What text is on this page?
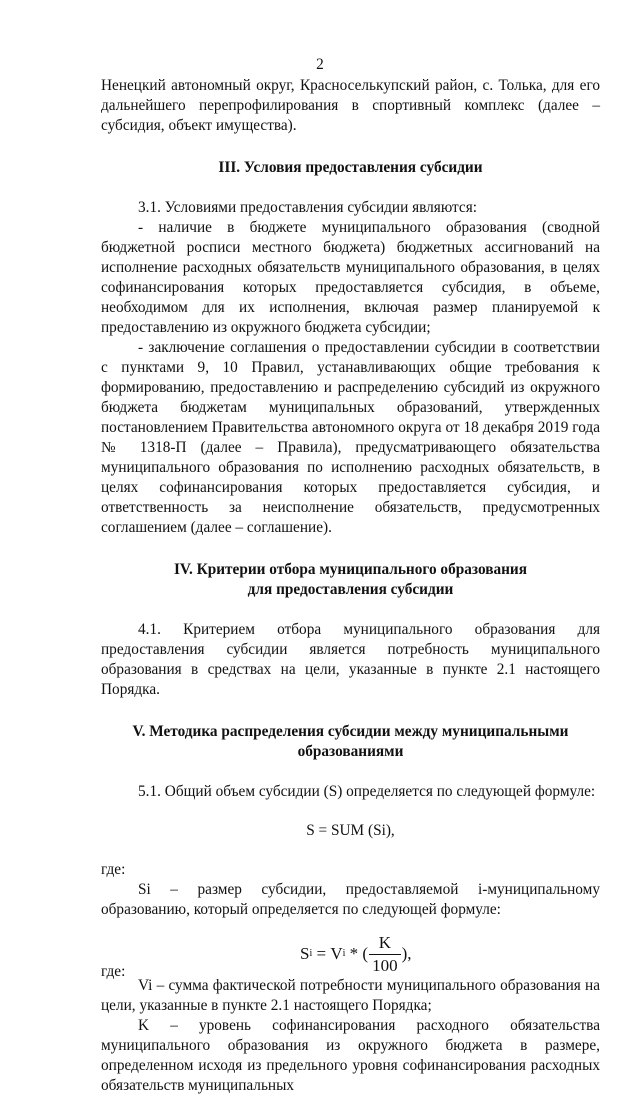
2

Ненецкий автономный округ, Красноселькупский район, с. Толька, для его дальнейшего перепрофилирования в спортивный комплекс (далее – субсидия, объект имущества).

III. Условия предоставления субсидии

3.1. Условиями предоставления субсидии являются:

- наличие в бюджете муниципального образования (сводной бюджетной росписи местного бюджета) бюджетных ассигнований на исполнение расходных обязательств муниципального образования, в целях софинансирования которых предоставляется субсидия, в объеме, необходимом для их исполнения, включая размер планируемой к предоставлению из окружного бюджета субсидии;

- заключение соглашения о предоставлении субсидии в соответствии с пунктами 9, 10 Правил, устанавливающих общие требования к формированию, предоставлению и распределению субсидий из окружного бюджета бюджетам муниципальных образований, утвержденных постановлением Правительства автономного округа от 18 декабря 2019 года № 1318-П (далее – Правила), предусматривающего обязательства муниципального образования по исполнению расходных обязательств, в целях софинансирования которых предоставляется субсидия, и ответственность за неисполнение обязательств, предусмотренных соглашением (далее – соглашение).

IV. Критерии отбора муниципального образования
для предоставления субсидии

4.1. Критерием отбора муниципального образования для предоставления субсидии является потребность муниципального образования в средствах на цели, указанные в пункте 2.1 настоящего Порядка.

V. Методика распределения субсидии между муниципальными
образованиями

5.1. Общий объем субсидии (S) определяется по следующей формуле:

S = SUM (Si),

где:

Si – размер субсидии, предоставляемой i-муниципальному образованию, который определяется по следующей формуле:

S i = V i * ( $\frac{K}{100}$ ),
где:

Vi – сумма фактической потребности муниципального образования на цели, указанные в пункте 2.1 настоящего Порядка;

K – уровень софинансирования расходного обязательства муниципального образования из окружного бюджета в размере, определенном исходя из предельного уровня софинансирования расходных обязательств муниципальных
